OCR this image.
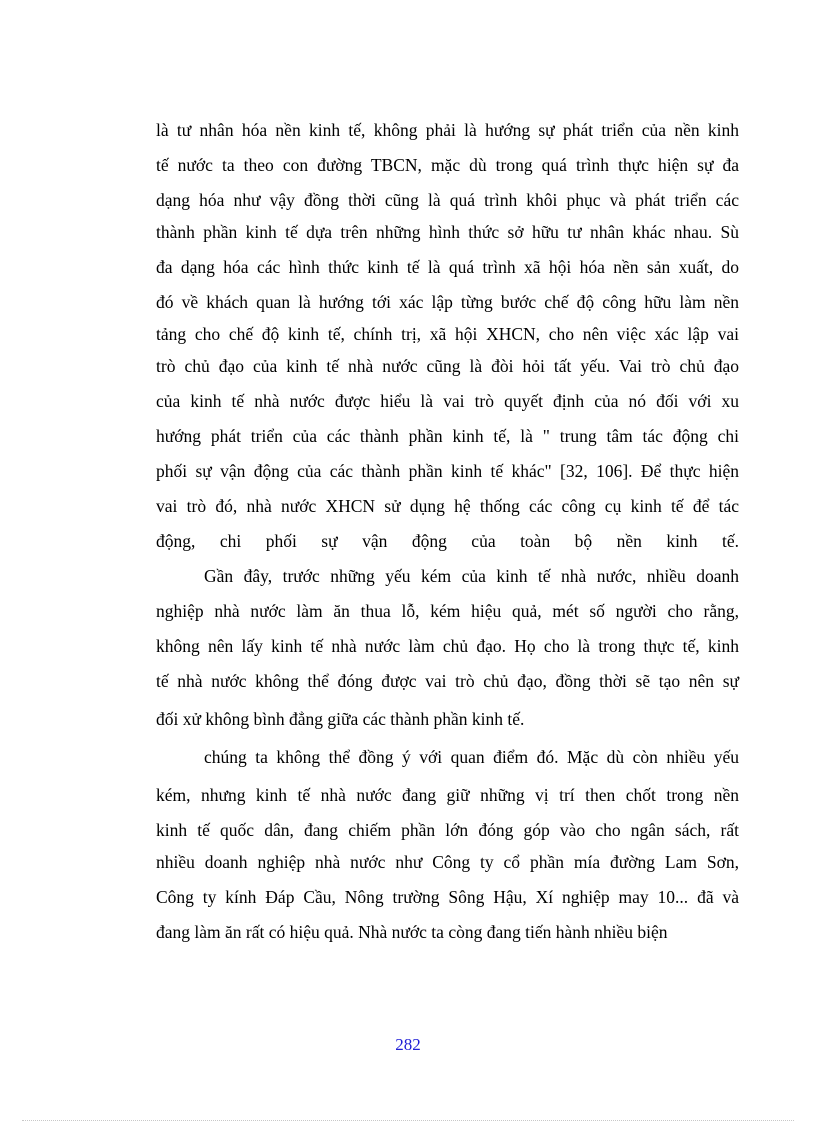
là tư nhân hóa nền kinh tế, không phải là hướng sự phát triển của nền kinh
tế nước ta theo con đường TBCN, mặc dù trong quá trình thực hiện sự đa
dạng hóa như vậy đồng thời cũng là quá trình khôi phục và phát triển các
thành phần kinh tế dựa trên những hình thức sở hữu tư nhân khác nhau. Sù
đa dạng hóa các hình thức kinh tế là quá trình xã hội hóa nền sản xuất, do
đó về khách quan là hướng tới xác lập từng bước chế độ công hữu làm nền
tảng cho chế độ kinh tế, chính trị, xã hội XHCN, cho nên việc xác lập vai
trò chủ đạo của kinh tế nhà nước cũng là đòi hỏi tất yếu. Vai trò chủ đạo
của kinh tế nhà nước được hiểu là vai trò quyết định của nó đối với xu
hướng phát triển của các thành phần kinh tế, là " trung tâm tác động chi
phối sự vận động của các thành phần kinh tế khác" [32, 106]. Để thực hiện
vai trò đó, nhà nước XHCN sử dụng hệ thống các công cụ kinh tế để tác
động, chi phối sự vận động của toàn bộ nền kinh tế.
Gần đây, trước những yếu kém của kinh tế nhà nước, nhiều doanh
nghiệp nhà nước làm ăn thua lỗ, kém hiệu quả, mét số người cho rằng,
không nên lấy kinh tế nhà nước làm chủ đạo. Họ cho là trong thực tế, kinh
tế nhà nước không thể đóng được vai trò chủ đạo, đồng thời sẽ tạo nên sự
đối xử không bình đẳng giữa các thành phần kinh tế.
chúng ta không thể đồng ý với quan điểm đó. Mặc dù còn nhiều yếu
kém, nhưng kinh tế nhà nước đang giữ những vị trí then chốt trong nền
kinh tế quốc dân, đang chiếm phần lớn đóng góp vào cho ngân sách, rất
nhiều doanh nghiệp nhà nước như Công ty cổ phần mía đường Lam Sơn,
Công ty kính Đáp Cầu, Nông trường Sông Hậu, Xí nghiệp may 10... đã và
đang làm ăn rất có hiệu quả. Nhà nước ta còng đang tiến hành nhiều biện
282
